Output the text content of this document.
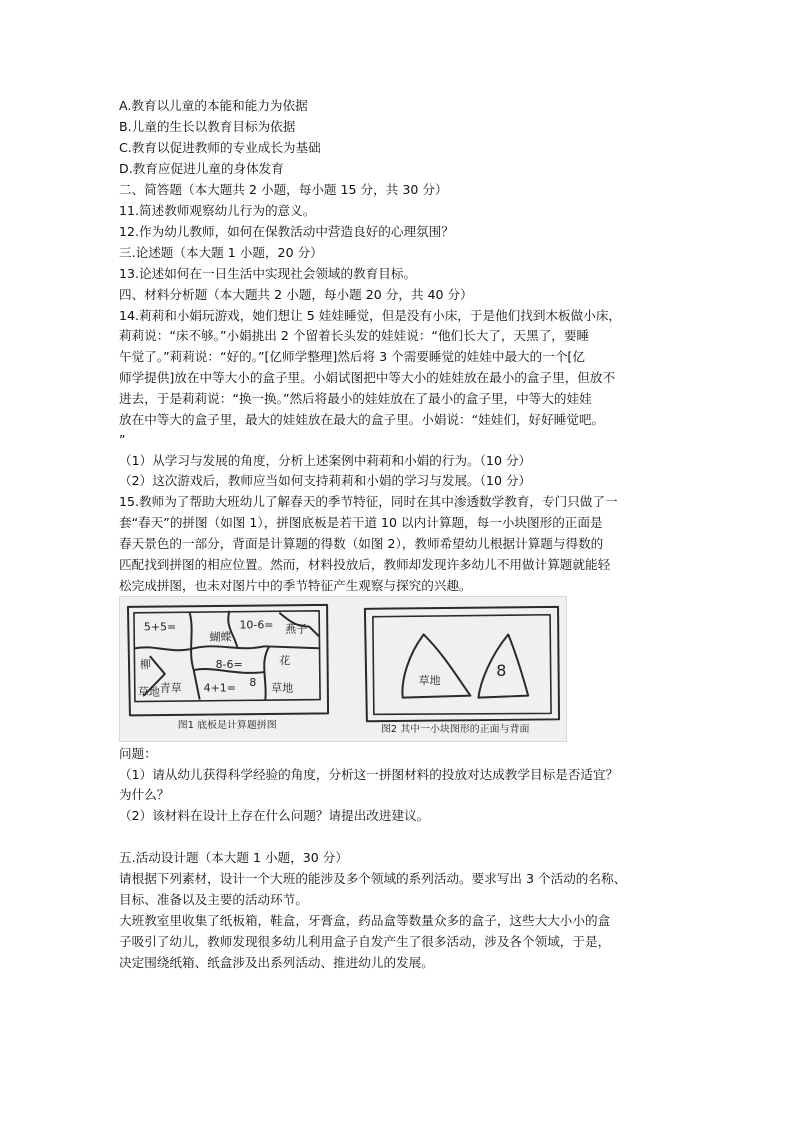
A.教育以儿童的本能和能力为依据
B.儿童的生长以教育目标为依据
C.教育以促进教师的专业成长为基础
D.教育应促进儿童的身体发育
二、简答题（本大题共 2 小题，每小题 15 分，共 30 分）
11.简述教师观察幼儿行为的意义。
12.作为幼儿教师，如何在保教活动中营造良好的心理氛围？
三.论述题（本大题 1 小题，20 分）
13.论述如何在一日生活中实现社会领域的教育目标。
四、材料分析题（本大题共 2 小题，每小题 20 分，共 40 分）
14.莉莉和小娟玩游戏，她们想让 5 娃娃睡觉，但是没有小床，于是他们找到木板做小床，
莉莉说：“床不够。”小娟挑出 2 个留着长头发的娃娃说：“他们长大了，天黑了，要睡
午觉了。”莉莉说：“好的。”[亿师学整理]然后将 3 个需要睡觉的娃娃中最大的一个[亿
师学提供]放在中等大小的盒子里。小娟试图把中等大小的娃娃放在最小的盒子里，但放不
进去，于是莉莉说：“换一换。”然后将最小的娃娃放在了最小的盒子里，中等大的娃娃
放在中等大的盒子里，最大的娃娃放在最大的盒子里。小娟说：“娃娃们，好好睡觉吧。
”
（1）从学习与发展的角度，分析上述案例中莉莉和小娟的行为。（10 分）
（2）这次游戏后，教师应当如何支持莉莉和小娟的学习与发展。（10 分）
15.教师为了帮助大班幼儿了解春天的季节特征，同时在其中渗透数学教育，专门只做了一
套“春天”的拼图（如图 1），拼图底板是若干道 10 以内计算题，每一小块图形的正面是
春天景色的一部分，背面是计算题的得数（如图 2），教师希望幼儿根据计算题与得数的
匹配找到拼图的相应位置。然而，材料投放后，教师却发现许多幼儿不用做计算题就能轻
松完成拼图，也未对图片中的季节特征产生观察与探究的兴趣。
5+5=
蝴蝶
10-6= 燕子
柳	8-6=	花
草地	4+1= 8 草地
青草
图1 底板是计算题拼图
草地
8
图2 其中一小块图形的正面与背面
问题：
（1）请从幼儿获得科学经验的角度，分析这一拼图材料的投放对达成教学目标是否适宜？
为什么？
（2）该材料在设计上存在什么问题？请提出改进建议。
五.活动设计题（本大题 1 小题，30 分）
请根据下列素材，设计一个大班的能涉及多个领域的系列活动。要求写出 3 个活动的名称、
目标、准备以及主要的活动环节。
大班教室里收集了纸板箱，鞋盒，牙膏盒，药品盒等数量众多的盒子，这些大大小小的盒
子吸引了幼儿，教师发现很多幼儿利用盒子自发产生了很多活动，涉及各个领域，于是，
决定围绕纸箱、纸盒涉及出系列活动、推进幼儿的发展。
